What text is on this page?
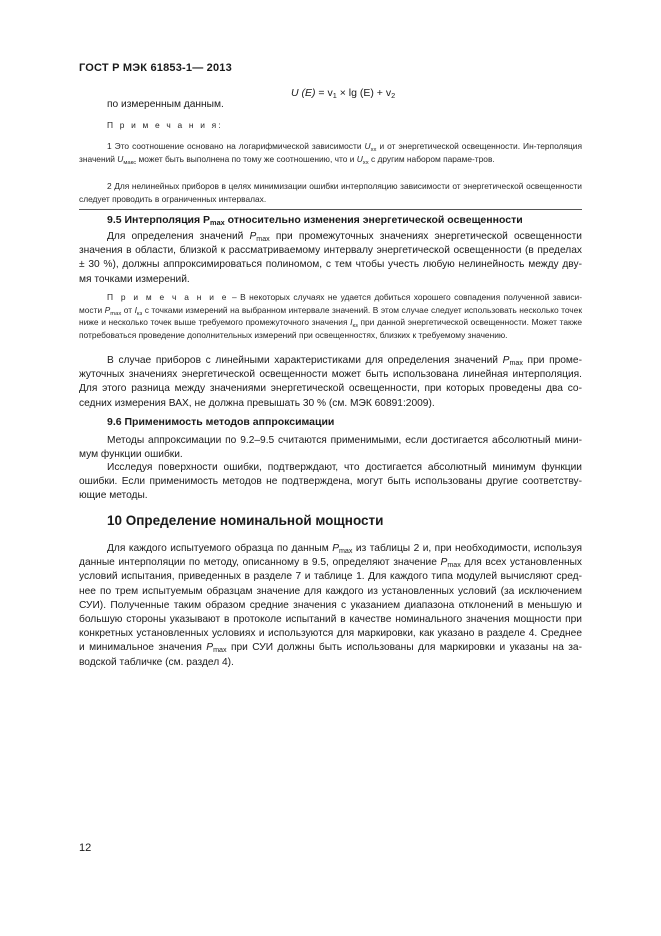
ГОСТ Р МЭК 61853-1— 2013
U $(E) = v_1 \times \lg (E) + v_2$
по измеренным данным.
П р и м е ч а н и я:

1 Это соотношение основано на логарифмической зависимости $U_{хх}$ и от энергетической освещенности. Ин-терполяция значений $U_{макс}$ может быть выполнена по тому же соотношению, что и $U_{хх}$ с другим набором параме-тров.

2 Для нелинейных приборов в целях минимизации ошибки интерполяцию зависимости от энергетической освещенности следует проводить в ограниченных интервалах.

9.5 Интерполяция $P_{max}$ относительно изменения энергетической освещенности

Для определения значений $P_{max}$ при промежуточных значениях энергетической освещенности значения в области, близкой к рассматриваемому интервалу энергетической освещенности (в пределах ± 30 %), должны аппроксимироваться полиномом, с тем чтобы учесть любую нелинейность между дву-мя точками измерений.

П р и м е ч а н и е – В некоторых случаях не удается добиться хорошего совпадения полученной зависи-мости $P_{max}$ от $I_{кз}$ с точками измерений на выбранном интервале значений. В этом случае следует использовать несколько точек ниже и несколько точек выше требуемого промежуточного значения $I_{кз}$ при данной энергетической освещенности. Может также потребоваться проведение дополнительных измерений при освещенностях, близких к требуемому значению.

В случае приборов с линейными характеристиками для определения значений $P_{max}$ при проме-жуточных значениях энергетической освещенности может быть использована линейная интерполяция. Для этого разница между значениями энергетической освещенности, при которых проведены два со-седних измерения ВАХ, не должна превышать 30 % (см. МЭК 60891:2009).

9.6 Применимость методов аппроксимации

Методы аппроксимации по 9.2–9.5 считаются применимыми, если достигается абсолютный мини-мум функции ошибки.

Исследуя поверхности ошибки, подтверждают, что достигается абсолютный минимум функции ошибки. Если применимость методов не подтверждена, могут быть использованы другие соответству-ющие методы.

10 Определение номинальной мощности

Для каждого испытуемого образца по данным $P_{max}$ из таблицы 2 и, при необходимости, используя данные интерполяции по методу, описанному в 9.5, определяют значение $P_{max}$ для всех установленных условий испытания, приведенных в разделе 7 и таблице 1. Для каждого типа модулей вычисляют сред-нее по трем испытуемым образцам значение для каждого из установленных условий (за исключением СУИ). Полученные таким образом средние значения с указанием диапазона отклонений в меньшую и большую стороны указывают в протоколе испытаний в качестве номинального значения мощности при конкретных установленных условиях и используются для маркировки, как указано в разделе 4. Среднее и минимальное значения $P_{max}$ при СУИ должны быть использованы для маркировки и указаны на за-водской табличке (см. раздел 4).

12
